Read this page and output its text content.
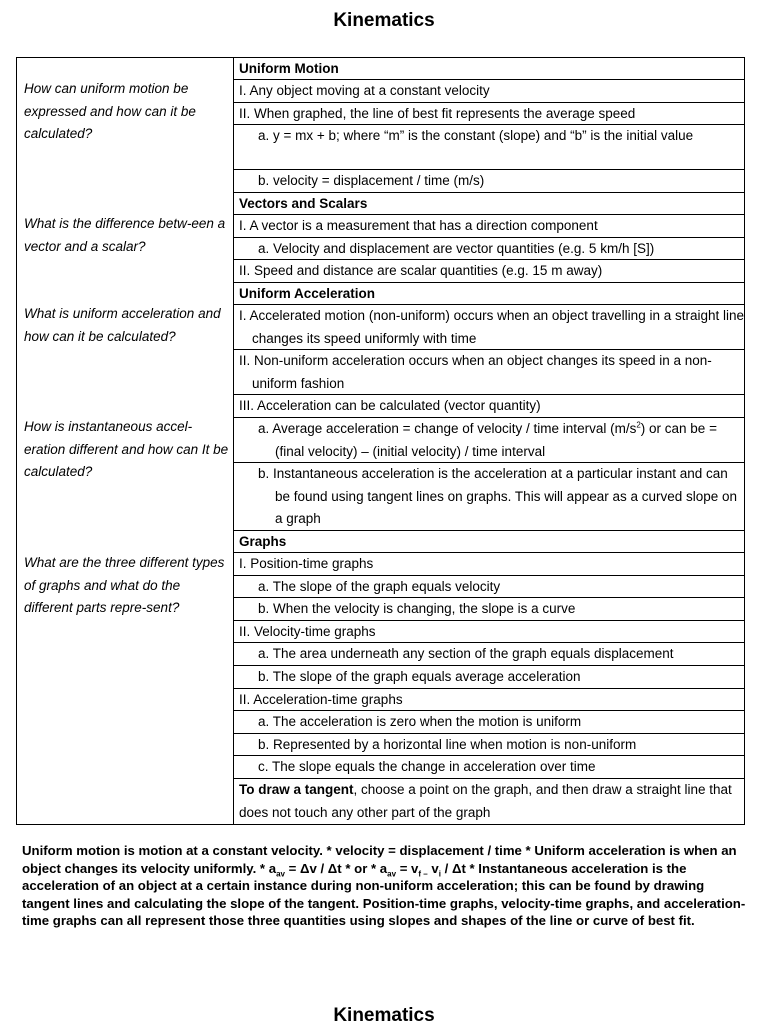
Kinematics
How can uniform motion be expressed and how can it be calculated?
What is the difference betw-een a vector and a scalar?
What is uniform acceleration and how can it be calculated?
How is instantaneous accel-eration different and how can It be calculated?
What are the three different types of graphs and what do the different parts repre-sent?
Uniform Motion
I. Any object moving at a constant velocity
II. When graphed, the line of best fit represents the average speed
a. y = mx + b; where “m” is the constant (slope) and “b” is the initial value
b. velocity = displacement / time (m/s)
Vectors and Scalars
I. A vector is a measurement that has a direction component
a. Velocity and displacement are vector quantities (e.g. 5 km/h [S])
II. Speed and distance are scalar quantities (e.g. 15 m away)
Uniform Acceleration
I. Accelerated motion (non-uniform) occurs when an object travelling in a straight line changes its speed uniformly with time
II. Non-uniform acceleration occurs when an object changes its speed in a non-uniform fashion
III. Acceleration can be calculated (vector quantity)
a. Average acceleration = change of velocity / time interval $(m/s^2)$ or can be = (final velocity) – (initial velocity) / time interval
b. Instantaneous acceleration is the acceleration at a particular instant and can be found using tangent lines on graphs. This will appear as a curved slope on a graph
Graphs
I. Position-time graphs
a. The slope of the graph equals velocity
b. When the velocity is changing, the slope is a curve
II. Velocity-time graphs
a. The area underneath any section of the graph equals displacement
b. The slope of the graph equals average acceleration
II. Acceleration-time graphs
a. The acceleration is zero when the motion is uniform
b. Represented by a horizontal line when motion is non-uniform
c. The slope equals the change in acceleration over time
To draw a tangent, choose a point on the graph, and then draw a straight line that does not touch any other part of the graph
Uniform motion is motion at a constant velocity. * velocity = displacement / time * Uniform acceleration is when an object changes its velocity uniformly. * $a_{av} = \Delta v / \Delta t$ * or * $a_{av} = v_{f -}$ $v_i$ / Δt * Instantaneous acceleration is the acceleration of an object at a certain instance during non-uniform acceleration; this can be found by drawing tangent lines and calculating the slope of the tangent. Position-time graphs, velocity-time graphs, and acceleration-time graphs can all represent those three quantities using slopes and shapes of the line or curve of best fit.
Kinematics
